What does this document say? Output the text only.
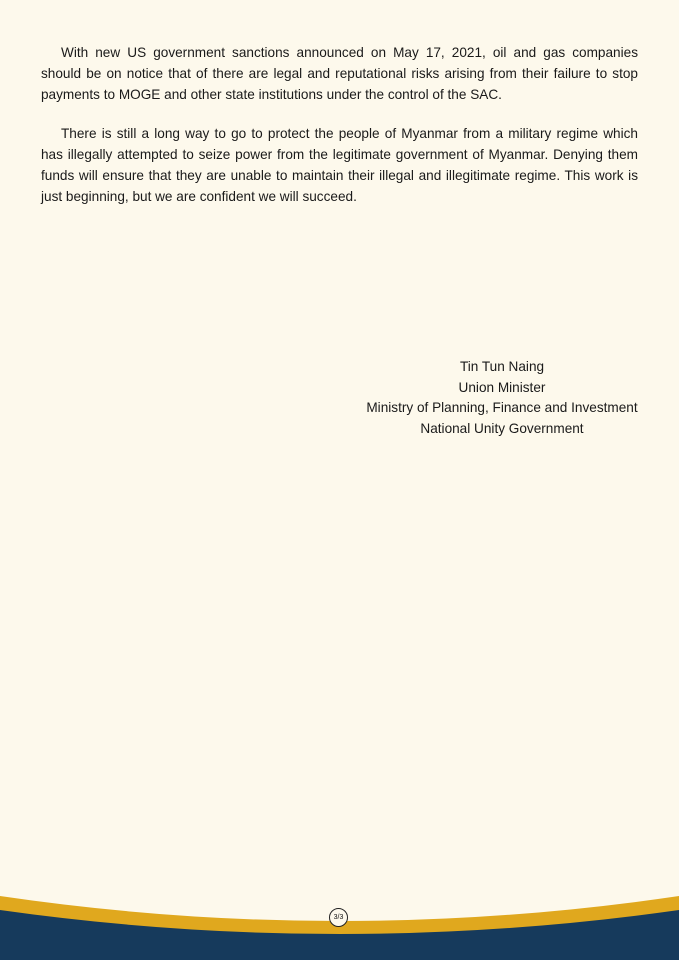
With new US government sanctions announced on May 17, 2021, oil and gas companies should be on notice that of there are legal and reputational risks arising from their failure to stop payments to MOGE and other state institutions under the control of the SAC.

There is still a long way to go to protect the people of Myanmar from a military regime which has illegally attempted to seize power from the legitimate government of Myanmar. Denying them funds will ensure that they are unable to maintain their illegal and illegitimate regime. This work is just beginning, but we are confident we will succeed.

Tin Tun Naing
Union Minister
Ministry of Planning, Finance and Investment
National Unity Government
3/3
